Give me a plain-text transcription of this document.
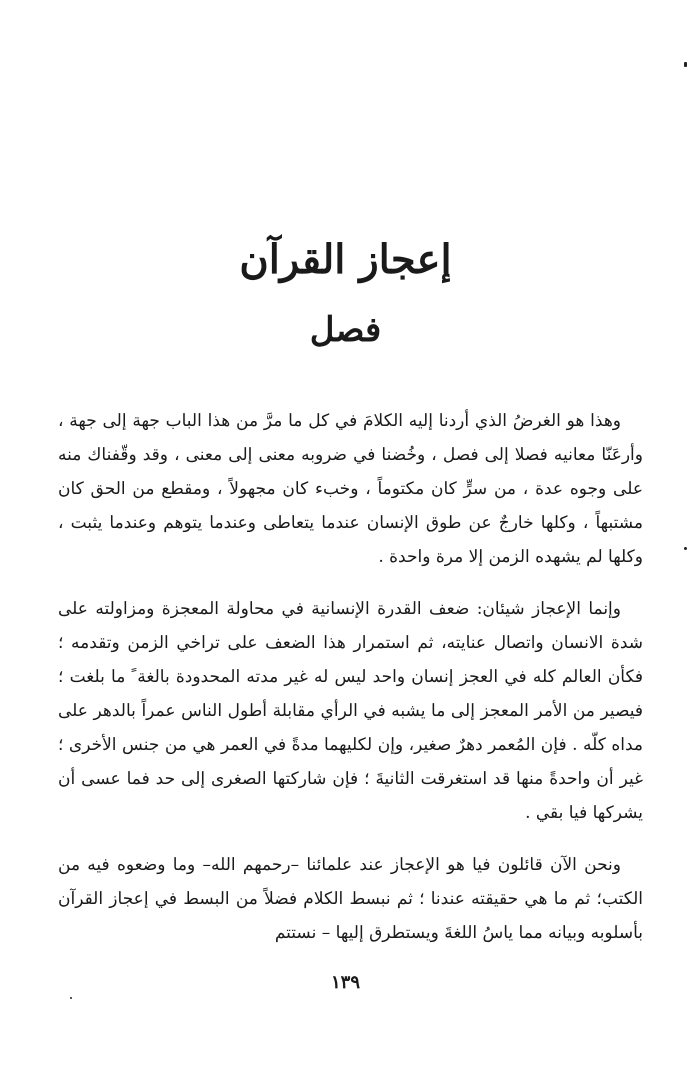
إعجاز القرآن
فصل

وهذا هو الغرضُ الذي أردنا إليه الكلامَ في كل ما مرَّ من هذا الباب جهة إلى جهة ، وأرعَنّا معانيه فصلا إلى فصل ، وخُضنا في ضروبه معنى إلى معنى ، وقد وقّفناك منه على وجوه عدة ، من سرٍّ كان مكتوماً ، وخبء كان مجهولاً ، ومقطع من الحق كان مشتبهاً ، وكلها خارجٌ عن طوق الإنسان عندما يتعاطى وعندما يتوهم وعندما يثبت ، وكلها لم يشهده الزمن إلا مرة واحدة .

وإنما الإعجاز شيئان: ضعف القدرة الإنسانية في محاولة المعجزة ومزاولته على شدة الانسان واتصال عنايته، ثم استمرار هذا الضعف على تراخي الزمن وتقدمه ؛ فكأن العالم كله في العجز إنسان واحد ليس له غير مدته المحدودة بالغة ً ما بلغت ؛ فيصير من الأمر المعجز إلى ما يشبه في الرأي مقابلة أطول الناس عمراً بالدهر على مداه كلّه . فإن المُعمر دهرٌ صغير، وإن لكليهما مدةً في العمر هي من جنس الأخرى ؛ غير أن واحدةً منها قد استغرقت الثانيةَ ؛ فإن شاركتها الصغرى إلى حد فما عسى أن يشركها فيا بقي .

ونحن الآن قائلون فيا هو الإعجاز عند علمائنا –رحمهم الله– وما وضعوه فيه من الكتب؛ ثم ما هي حقيقته عندنا ؛ ثم نبسط الكلام فضلاً من البسط في إعجاز القرآن بأسلوبه وبيانه مما ياسُ اللغةَ ويستطرق إليها – نستتم

١٣٩
